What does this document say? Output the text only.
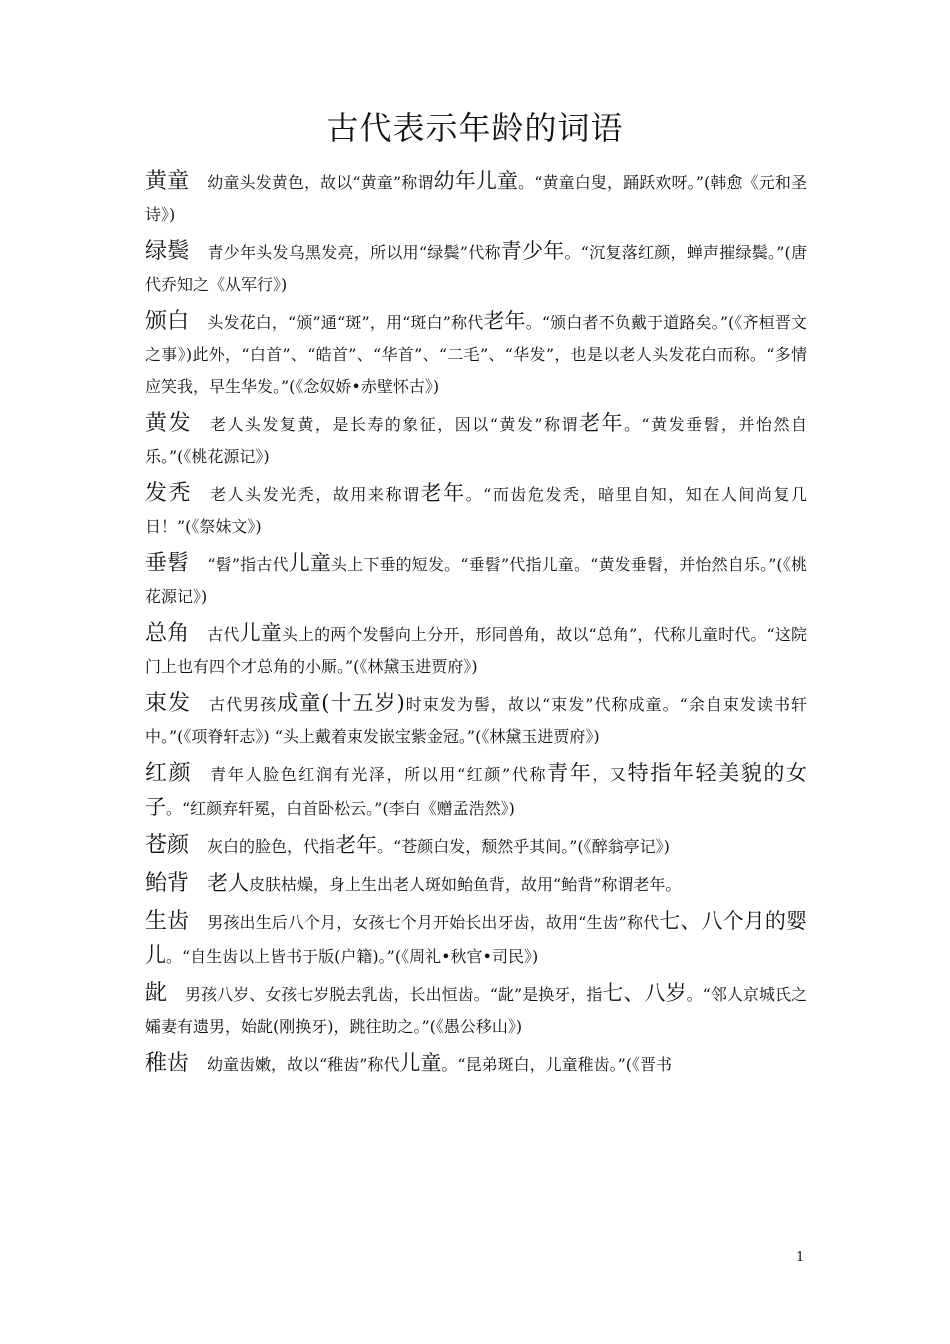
古代表示年龄的词语
黄童 幼童头发黄色，故以“黄童”称谓幼年儿童。“黄童白叟，踊跃欢呀。”(韩愈《元和圣诗》)
绿鬓 青少年头发乌黑发亮，所以用“绿鬓”代称青少年。“沉复落红颜，蝉声摧绿鬓。”(唐代乔知之《从军行》)
颁白 头发花白，“颁”通“斑”，用“斑白”称代老年。“颁白者不负戴于道路矣。”(《齐桓晋文之事》)此外，“白首”、“皓首”、“华首”、“二毛”、“华发”，也是以老人头发花白而称。“多情应笑我，早生华发。”(《念奴娇•赤壁怀古》)
黄发 老人头发复黄，是长寿的象征，因以“黄发”称谓老年。“黄发垂髫，并怡然自乐。”(《桃花源记》)
发秃 老人头发光秃，故用来称谓老年。“而齿危发秃，暗里自知，知在人间尚复几日！”(《祭妹文》)
垂髫 “髫”指古代儿童头上下垂的短发。“垂髫”代指儿童。“黄发垂髫，并怡然自乐。”(《桃花源记》)
总角 古代儿童头上的两个发髻向上分开，形同兽角，故以“总角”，代称儿童时代。“这院门上也有四个才总角的小厮。”(《林黛玉进贾府》)
束发 古代男孩成童(十五岁)时束发为髻，故以“束发”代称成童。“余自束发读书轩中。”(《项脊轩志》) “头上戴着束发嵌宝紫金冠。”(《林黛玉进贾府》)
红颜 青年人脸色红润有光泽，所以用“红颜”代称青年，又特指年轻美貌的女子。“红颜弃轩冕，白首卧松云。”(李白《赠孟浩然》)
苍颜 灰白的脸色，代指老年。“苍颜白发，颓然乎其间。”(《醉翁亭记》)
鲐背 老人皮肤枯燥，身上生出老人斑如鲐鱼背，故用“鲐背”称谓老年。
生齿 男孩出生后八个月，女孩七个月开始长出牙齿，故用“生齿”称代七、八个月的婴儿。“自生齿以上皆书于版(户籍)。”(《周礼•秋官•司民》)
龀 男孩八岁、女孩七岁脱去乳齿，长出恒齿。“龀”是换牙，指七、八岁。“邻人京城氏之孀妻有遗男，始龀(刚换牙)，跳往助之。”(《愚公移山》)
稚齿 幼童齿嫩，故以“稚齿”称代儿童。“昆弟斑白，儿童稚齿。”(《晋书
1
